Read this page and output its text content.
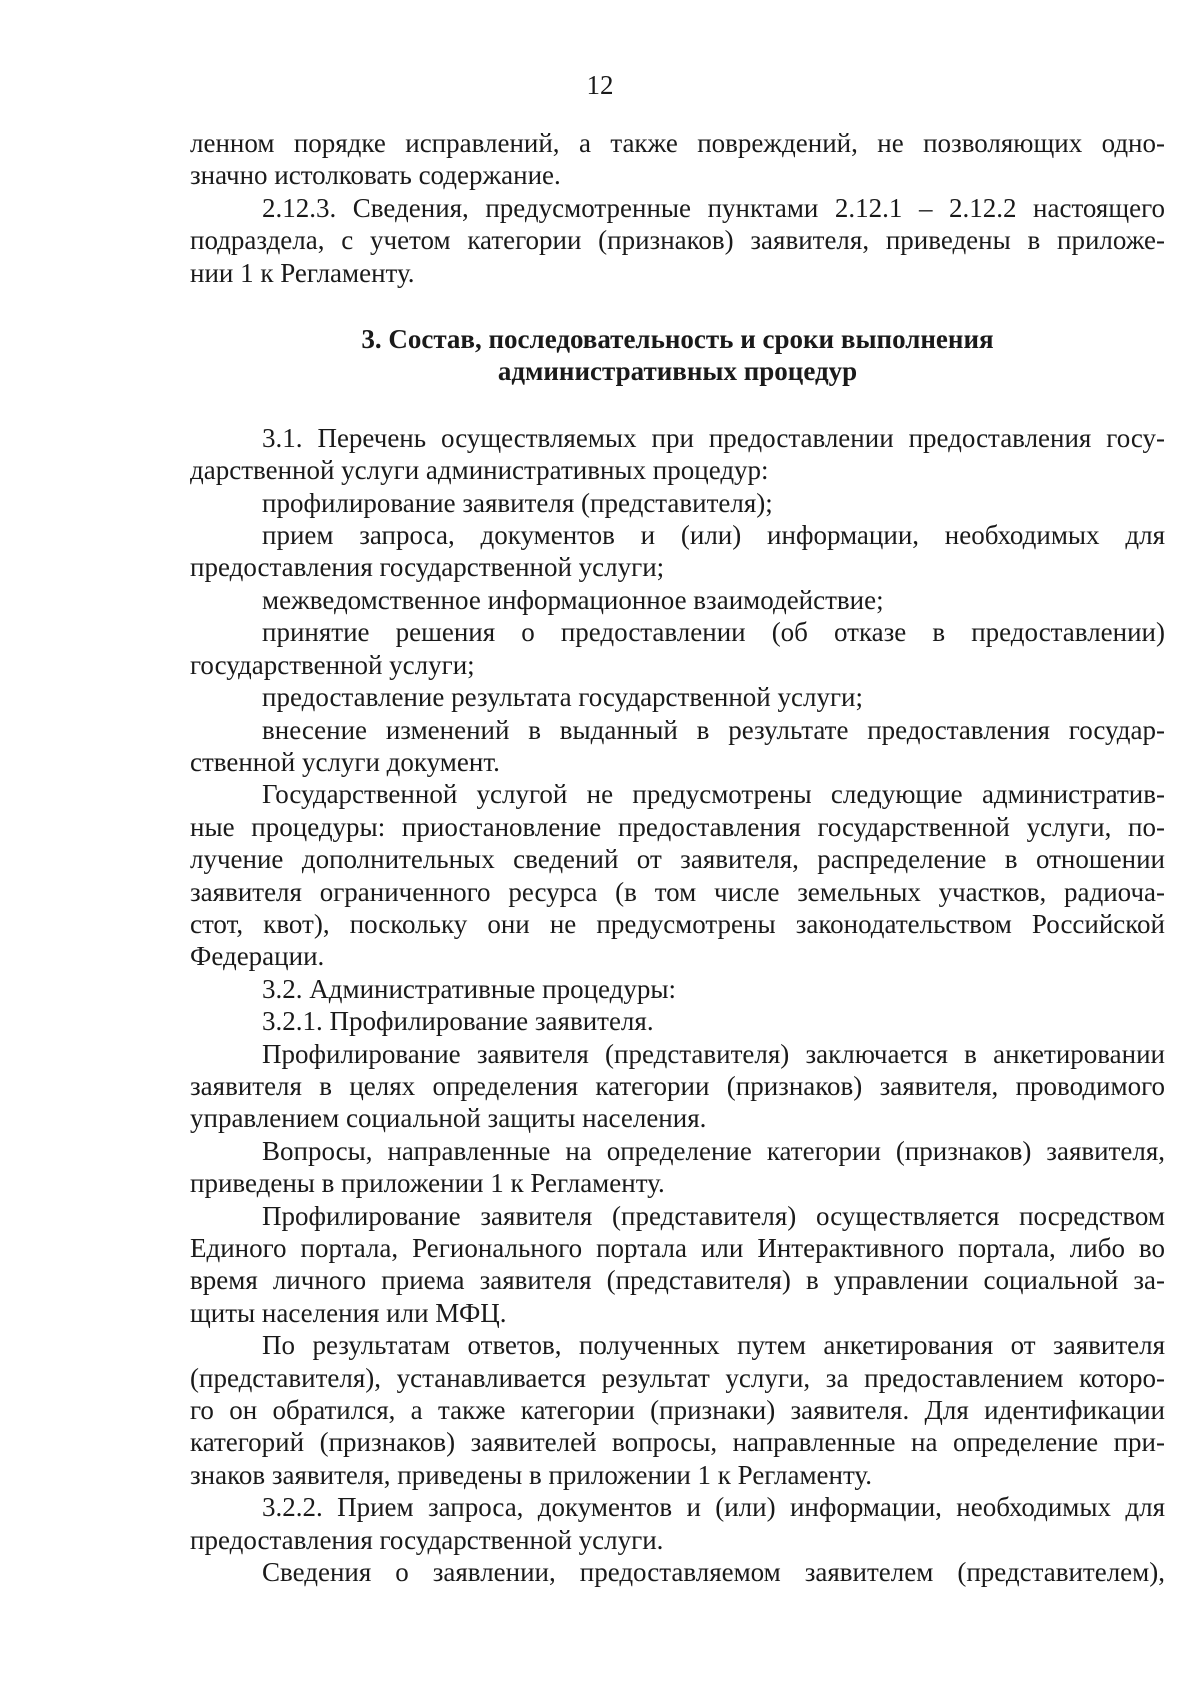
12
ленном порядке исправлений, а также повреждений, не позволяющих одно-
значно истолковать содержание.
2.12.3. Сведения, предусмотренные пунктами 2.12.1 – 2.12.2 настоящего
подраздела, с учетом категории (признаков) заявителя, приведены в приложе-
нии 1 к Регламенту.
3. Состав, последовательность и сроки выполнения
административных процедур
3.1. Перечень осуществляемых при предоставлении предоставления госу-
дарственной услуги административных процедур:
профилирование заявителя (представителя);
прием запроса, документов и (или) информации, необходимых для
предоставления государственной услуги;
межведомственное информационное взаимодействие;
принятие решения о предоставлении (об отказе в предоставлении)
государственной услуги;
предоставление результата государственной услуги;
внесение изменений в выданный в результате предоставления государ-
ственной услуги документ.
Государственной услугой не предусмотрены следующие административ-
ные процедуры: приостановление предоставления государственной услуги, по-
лучение дополнительных сведений от заявителя, распределение в отношении
заявителя ограниченного ресурса (в том числе земельных участков, радиоча-
стот, квот), поскольку они не предусмотрены законодательством Российской
Федерации.
3.2. Административные процедуры:
3.2.1. Профилирование заявителя.
Профилирование заявителя (представителя) заключается в анкетировании
заявителя в целях определения категории (признаков) заявителя, проводимого
управлением социальной защиты населения.
Вопросы, направленные на определение категории (признаков) заявителя,
приведены в приложении 1 к Регламенту.
Профилирование заявителя (представителя) осуществляется посредством
Единого портала, Регионального портала или Интерактивного портала, либо во
время личного приема заявителя (представителя) в управлении социальной за-
щиты населения или МФЦ.
По результатам ответов, полученных путем анкетирования от заявителя
(представителя), устанавливается результат услуги, за предоставлением которо-
го он обратился, а также категории (признаки) заявителя. Для идентификации
категорий (признаков) заявителей вопросы, направленные на определение при-
знаков заявителя, приведены в приложении 1 к Регламенту.
3.2.2. Прием запроса, документов и (или) информации, необходимых для
предоставления государственной услуги.
Сведения о заявлении, предоставляемом заявителем (представителем),
